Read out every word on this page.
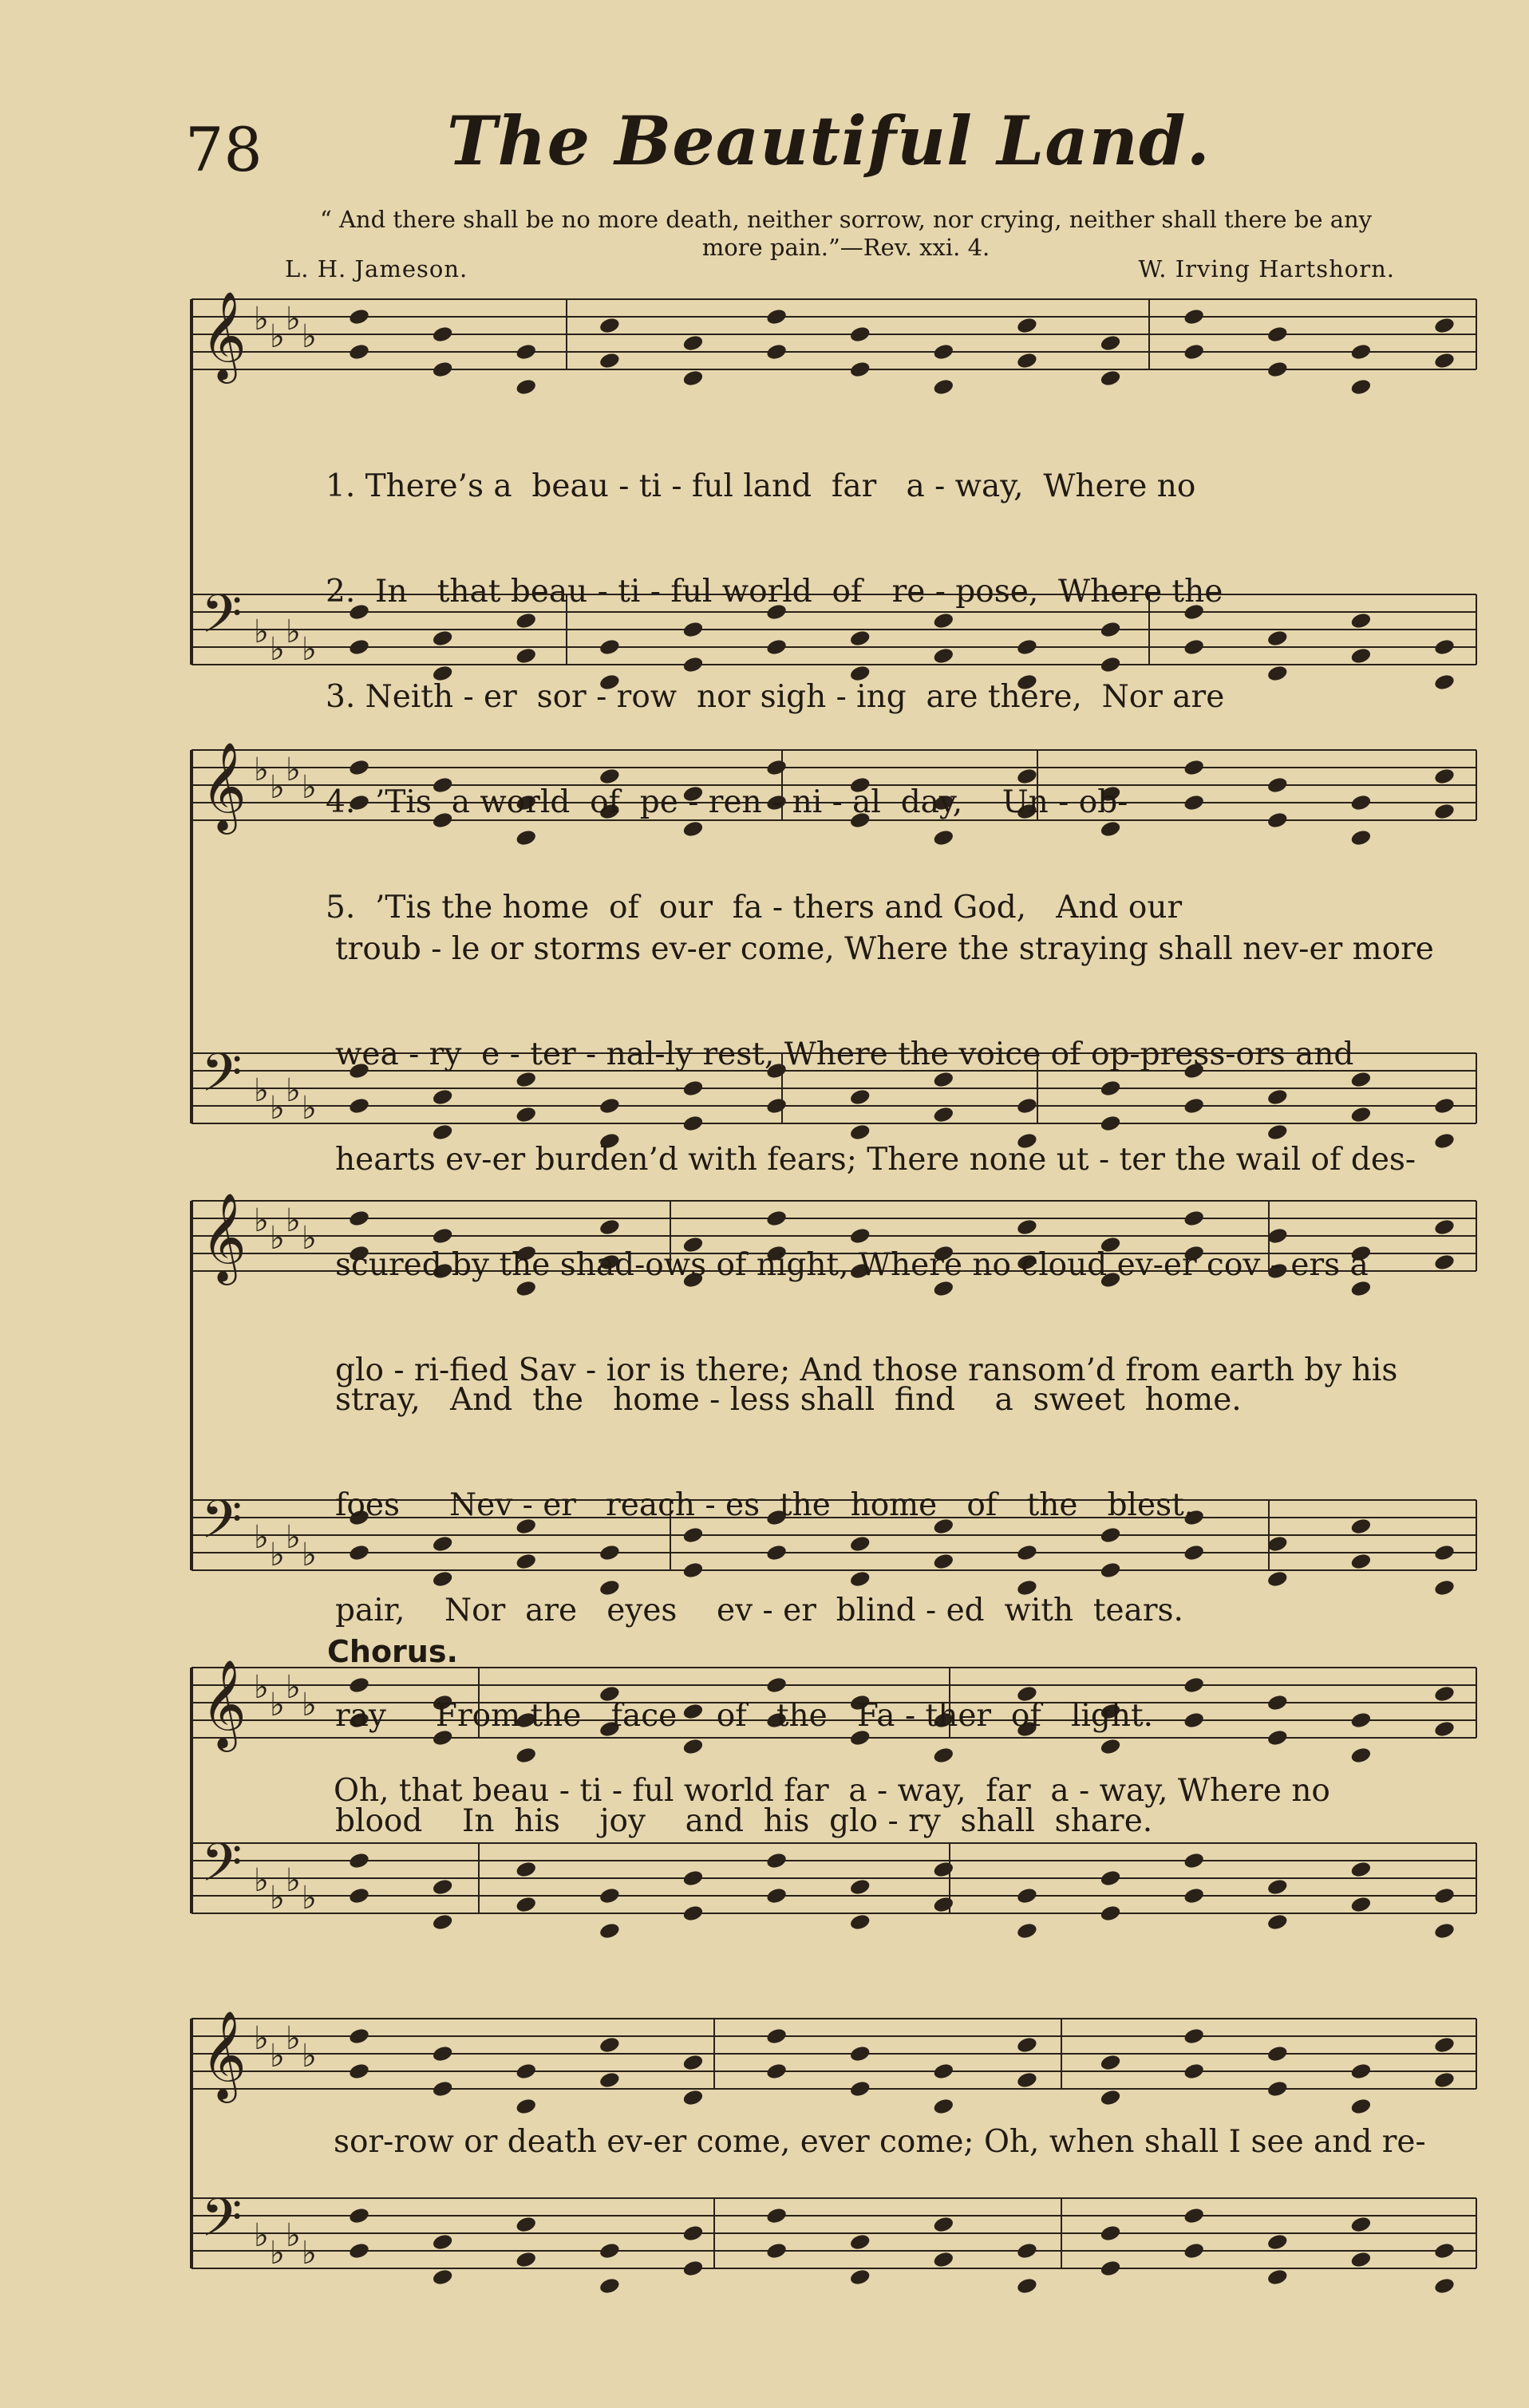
78	The Beautiful Land.
“ And there shall be no more death, neither sorrow, nor crying, neither shall there be any
more pain.”—Rev. xxi. 4.
L. H. Jameson.	W. Irving Hartshorn.
𝄞
𝄢
♭
♭
♭
♭
♭
♭
♭
♭
𝄞
𝄢
♭
♭
♭
♭
♭
♭
♭
♭
𝄞
𝄢
♭
♭
♭
♭
♭
♭
♭
♭
𝄞
𝄢
♭
♭
♭
♭
♭
♭
♭
♭
𝄞
𝄢
♭
♭
♭
♭
♭
♭
♭
♭

1. There’s a  beau - ti - ful land  far   a - way,  Where no

2.  In   that beau - ti - ful world  of   re - pose,  Where the

3. Neith - er  sor - row  nor sigh - ing  are there,  Nor are

4.  ’Tis  a world  of  pe - ren - ni - al  day,    Un - ob-

5.  ’Tis the home  of  our  fa - thers and God,   And our

troub - le or storms ev-er come, Where the straying shall nev-er more

wea - ry  e - ter - nal-ly rest, Where the voice of op-press-ors and

hearts ev-er burden’d with fears; There none ut - ter the wail of des-

scured by the shad-ows of night, Where no cloud ev-er cov - ers a

glo - ri-fied Sav - ior is there; And those ransom’d from earth by his

stray,   And  the   home - less shall  find    a  sweet  home.

foes     Nev - er   reach - es  the  home   of   the   blest.

pair,    Nor  are   eyes    ev - er  blind - ed  with  tears.

ray     From the   face    of   the   Fa - ther  of   light.

blood    In  his    joy    and  his  glo - ry  shall  share.

Chorus.
Oh, that beau - ti - ful world far  a - way,  far  a - way, Where no
sor-row or death ev-er come, ever come; Oh, when shall I see and re-
